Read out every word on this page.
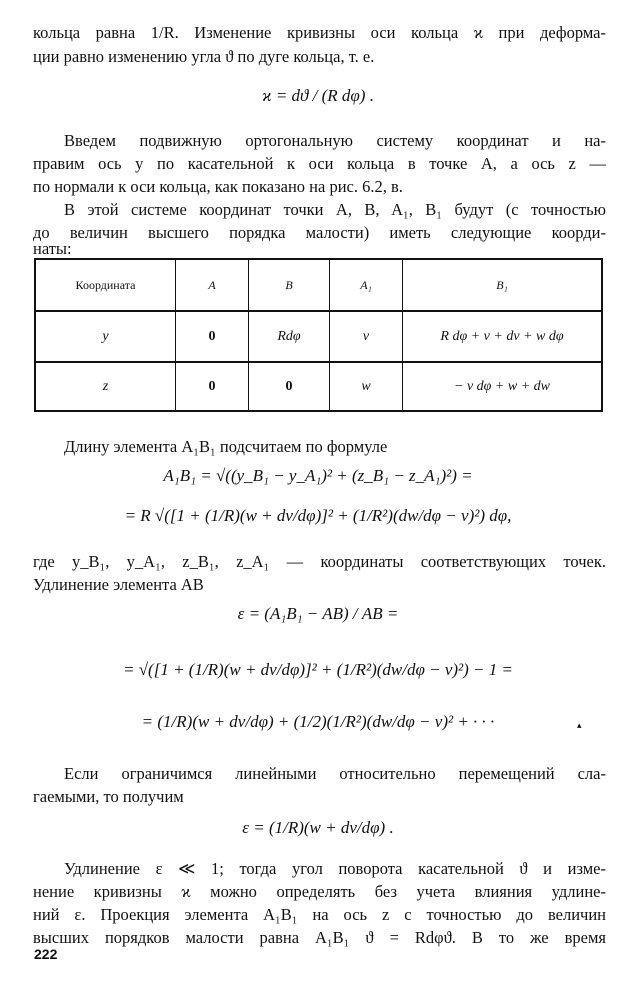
кольца равна 1/R. Изменение кривизны оси кольца ϰ при деформа-
ции равно изменению угла ϑ по дуге кольца, т. е.
ϰ = dϑ / (R dφ) .
Введем подвижную ортогональную систему координат и на-
правим ось y по касательной к оси кольца в точке A, а ось z —
по нормали к оси кольца, как показано на рис. 6.2, в.
В этой системе координат точки A, B, A₁, B₁ будут (с точностью
до величин высшего порядка малости) иметь следующие коорди-
наты:
Координата	A	B	A₁	B₁
y	0	Rdφ	v	R dφ + v + dv + w dφ
z	0	0	w	− v dφ + w + dw
Длину элемента A₁B₁ подсчитаем по формуле
A₁B₁ = √((y_B₁ − y_A₁)² + (z_B₁ − z_A₁)²) =
= R √([1 + (1/R)(w + dv/dφ)]² + (1/R²)(dw/dφ − v)²) dφ,
где y_B₁, y_A₁, z_B₁, z_A₁ — координаты соответствующих точек.
Удлинение элемента AB
ε = (A₁B₁ − AB) / AB =
= √([1 + (1/R)(w + dv/dφ)]² + (1/R²)(dw/dφ − v)²) − 1 =
= (1/R)(w + dv/dφ) + (1/2)(1/R²)(dw/dφ − v)² + · · ·
Если ограничимся линейными относительно перемещений сла-
гаемыми, то получим
ε = (1/R)(w + dv/dφ) .
Удлинение ε ≪ 1; тогда угол поворота касательной ϑ и изме-
нение кривизны ϰ можно определять без учета влияния удлине-
ний ε. Проекция элемента A₁B₁ на ось z с точностью до величин
высших порядков малости равна A₁B₁ ϑ = Rdφϑ. В то же время
222
▴
